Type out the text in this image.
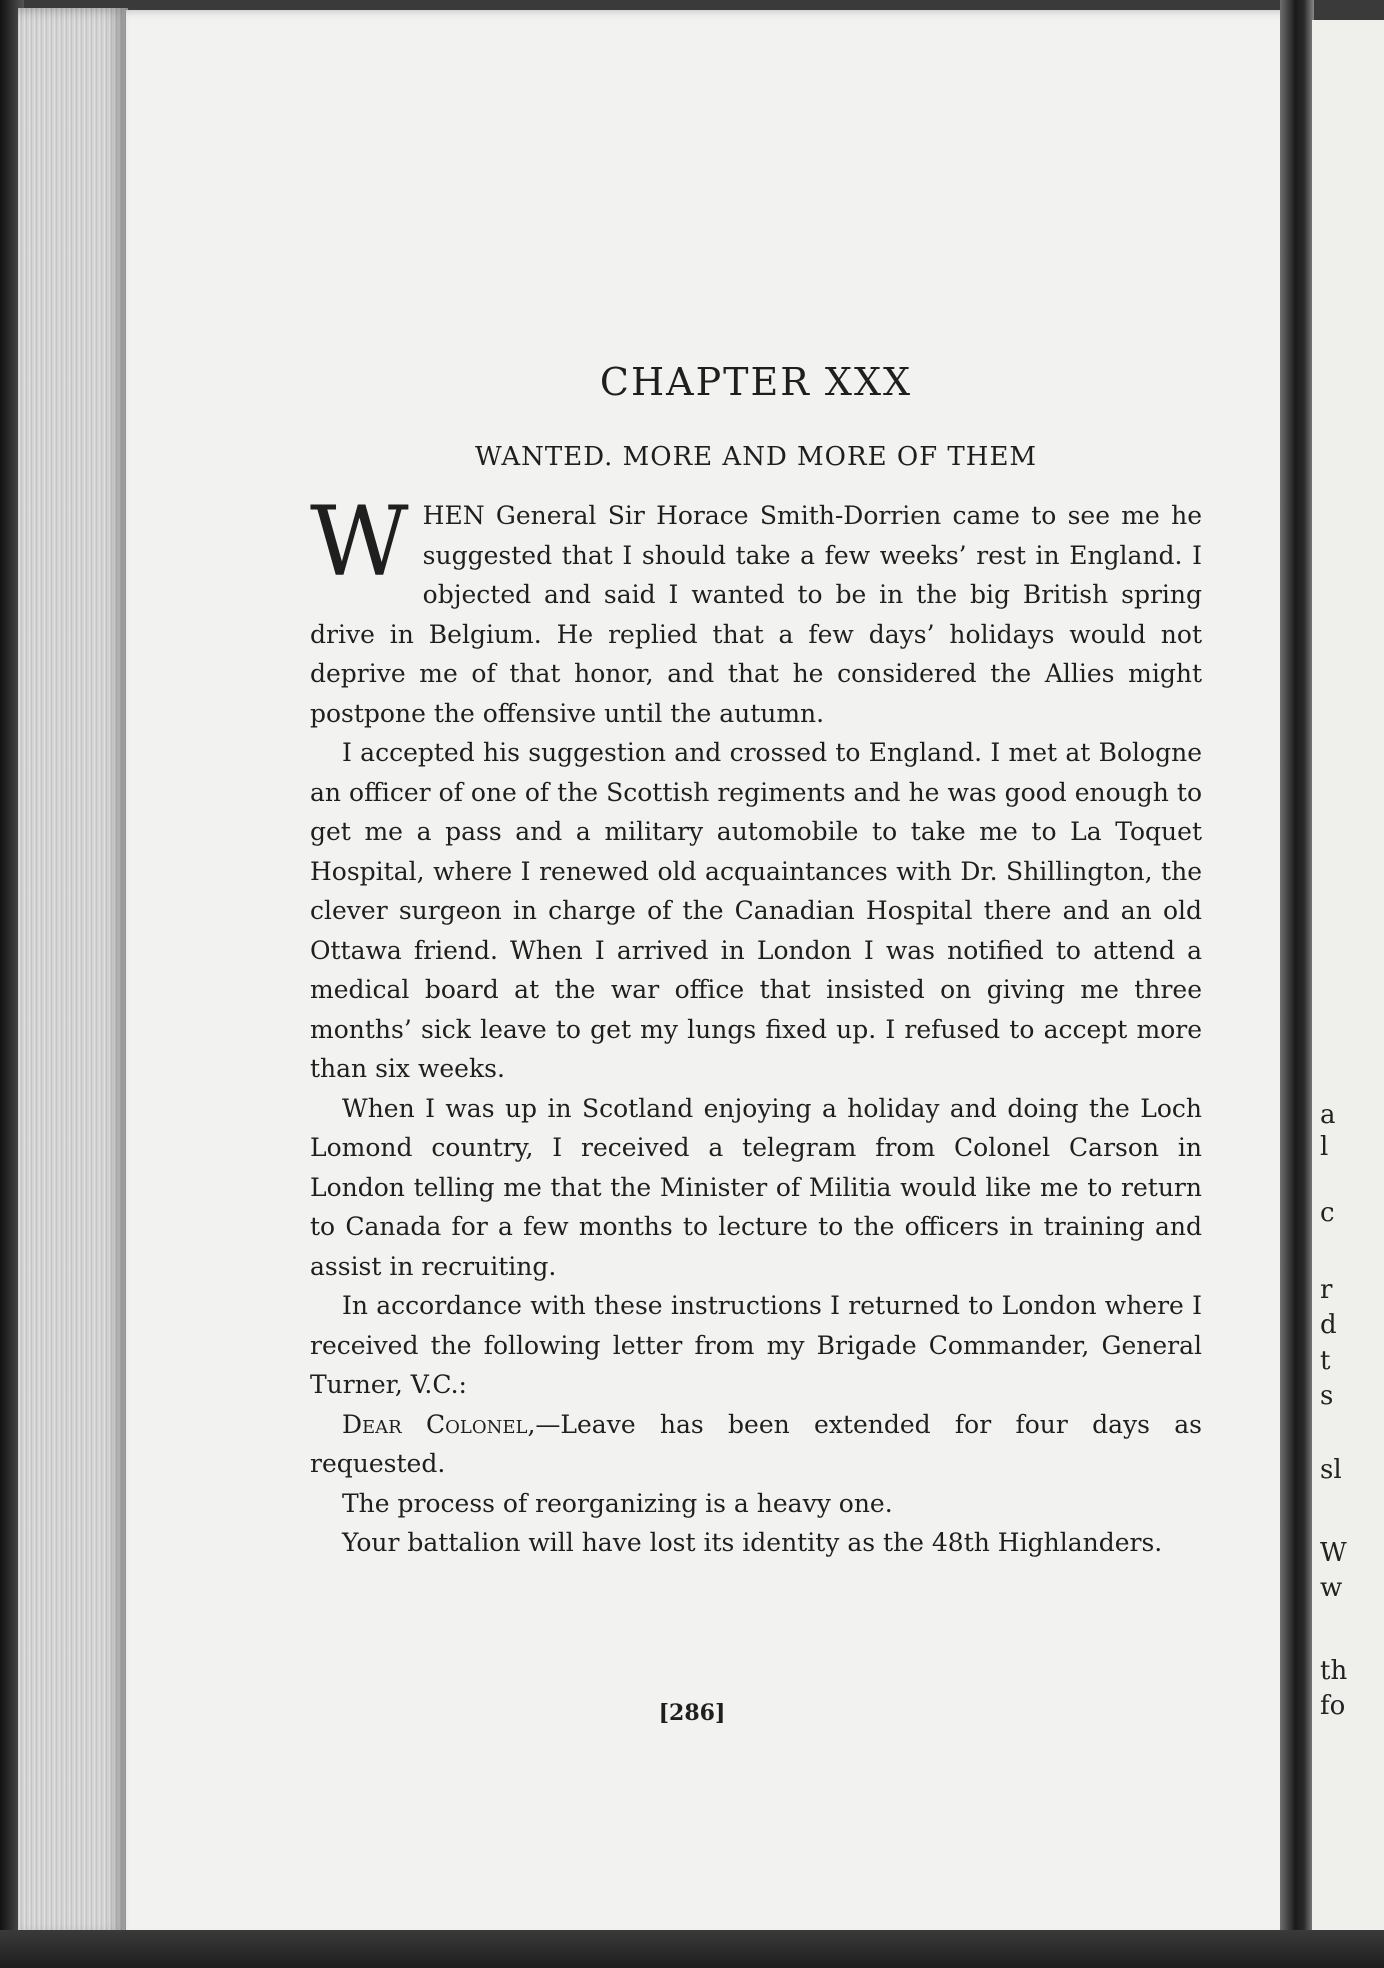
CHAPTER XXX
WANTED. MORE AND MORE OF THEM

WHEN General Sir Horace Smith-Dorrien came to see me he suggested that I should take a few weeks’ rest in England. I objected and said I wanted to be in the big British spring drive in Belgium. He replied that a few days’ holidays would not deprive me of that honor, and that he considered the Allies might postpone the offensive until the autumn.

I accepted his suggestion and crossed to England. I met at Bologne an officer of one of the Scottish regiments and he was good enough to get me a pass and a military automobile to take me to La Toquet Hospital, where I renewed old acquaintances with Dr. Shillington, the clever surgeon in charge of the Canadian Hospital there and an old Ottawa friend. When I arrived in London I was notified to attend a medical board at the war office that insisted on giving me three months’ sick leave to get my lungs fixed up. I refused to accept more than six weeks.

When I was up in Scotland enjoying a holiday and doing the Loch Lomond country, I received a telegram from Colonel Carson in London telling me that the Minister of Militia would like me to return to Canada for a few months to lecture to the officers in training and assist in recruiting.

In accordance with these instructions I returned to London where I received the following letter from my Brigade Commander, General Turner, V.C.:

Dear Colonel,—Leave has been extended for four days as requested.

The process of reorganizing is a heavy one.

Your battalion will have lost its identity as the 48th Highlanders.

[286]
a
l
c
r
d
t
s
sl
W
w
th
fo
